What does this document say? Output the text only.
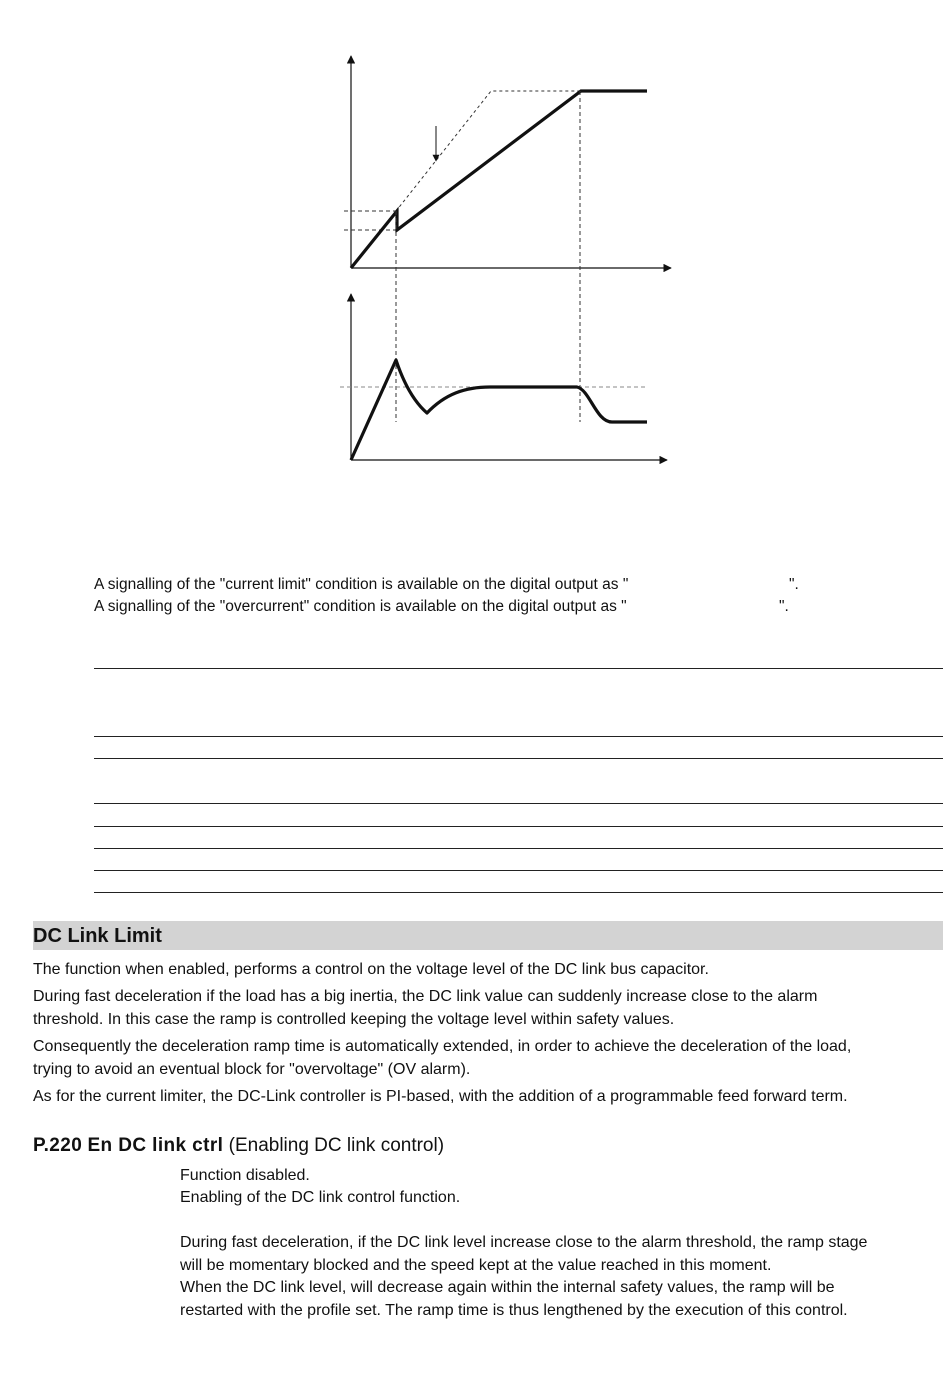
A signalling of the "current limit" condition is available on the digital output as "	".
A signalling of the "overcurrent" condition is available on the digital output as "	".
DC Link Limit
The function when enabled, performs a control on the voltage level of the DC link bus capacitor.
During fast deceleration if the load has a big inertia, the DC link value can suddenly increase close to the alarm
threshold. In this case the ramp is controlled keeping the voltage level within safety values.
Consequently the deceleration ramp time is automatically extended, in order to achieve the deceleration of the load,
trying to avoid an eventual block for "overvoltage" (OV alarm).
As for the current limiter, the DC-Link controller is PI-based, with the addition of a programmable feed forward term.
P.220 En DC link ctrl (Enabling DC link control)
Function disabled.
Enabling of the DC link control function.
During fast deceleration, if the DC link level increase close to the alarm threshold, the ramp stage
will be momentary blocked and the speed kept at the value reached in this moment.
When the DC link level, will decrease again within the internal safety values, the ramp will be
restarted with the profile set. The ramp time is thus lengthened by the execution of this control.
